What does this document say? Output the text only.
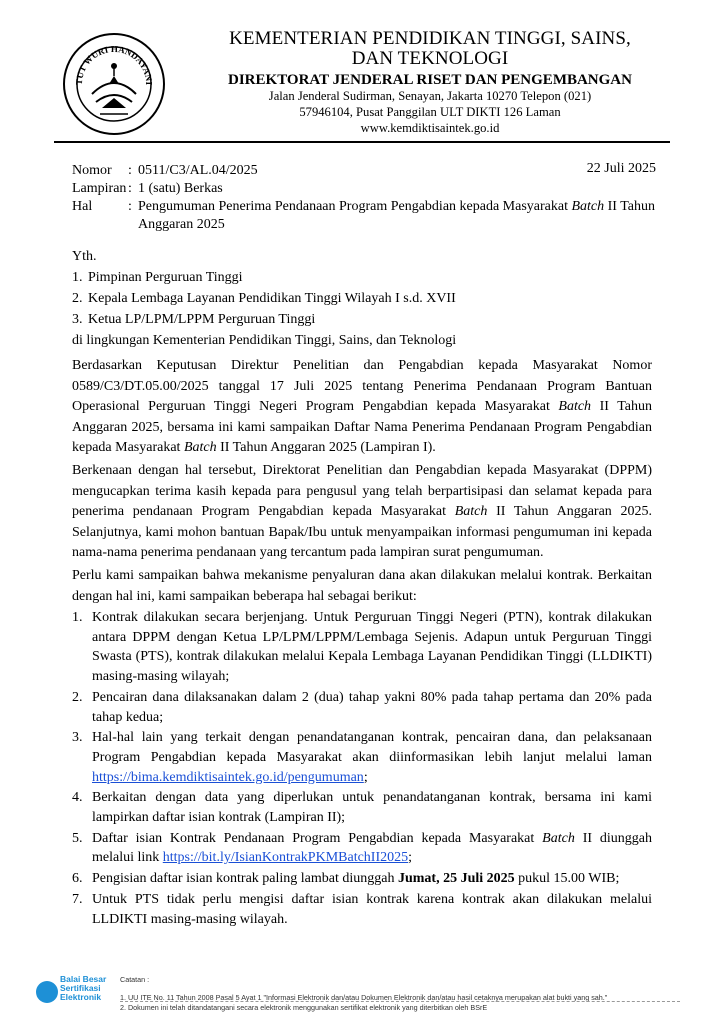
TUT WURI HANDAYANI
KEMENTERIAN PENDIDIKAN TINGGI, SAINS,
DAN TEKNOLOGI
DIREKTORAT JENDERAL RISET DAN PENGEMBANGAN
Jalan Jenderal Sudirman, Senayan, Jakarta 10270 Telepon (021)
57946104, Pusat Panggilan ULT DIKTI 126 Laman
www.kemdiktisaintek.go.id
22 Juli 2025
Nomor	: 0511/C3/AL.04/2025
Lampiran : 1 (satu) Berkas
Hal	: Pengumuman Penerima Pendanaan Program Pengabdian kepada Masyarakat Batch II Tahun Anggaran 2025
Yth.
1. Pimpinan Perguruan Tinggi
2. Kepala Lembaga Layanan Pendidikan Tinggi Wilayah I s.d. XVII
3. Ketua LP/LPM/LPPM Perguruan Tinggi
di lingkungan Kementerian Pendidikan Tinggi, Sains, dan Teknologi
Berdasarkan Keputusan Direktur Penelitian dan Pengabdian kepada Masyarakat Nomor 0589/C3/DT.05.00/2025 tanggal 17 Juli 2025 tentang Penerima Pendanaan Program Bantuan Operasional Perguruan Tinggi Negeri Program Pengabdian kepada Masyarakat Batch II Tahun Anggaran 2025, bersama ini kami sampaikan Daftar Nama Penerima Pendanaan Program Pengabdian kepada Masyarakat Batch II Tahun Anggaran 2025 (Lampiran I).
Berkenaan dengan hal tersebut, Direktorat Penelitian dan Pengabdian kepada Masyarakat (DPPM) mengucapkan terima kasih kepada para pengusul yang telah berpartisipasi dan selamat kepada para penerima pendanaan Program Pengabdian kepada Masyarakat Batch II Tahun Anggaran 2025. Selanjutnya, kami mohon bantuan Bapak/Ibu untuk menyampaikan informasi pengumuman ini kepada nama-nama penerima pendanaan yang tercantum pada lampiran surat pengumuman.
Perlu kami sampaikan bahwa mekanisme penyaluran dana akan dilakukan melalui kontrak. Berkaitan dengan hal ini, kami sampaikan beberapa hal sebagai berikut:
1. Kontrak dilakukan secara berjenjang. Untuk Perguruan Tinggi Negeri (PTN), kontrak dilakukan antara DPPM dengan Ketua LP/LPM/LPPM/Lembaga Sejenis. Adapun untuk Perguruan Tinggi Swasta (PTS), kontrak dilakukan melalui Kepala Lembaga Layanan Pendidikan Tinggi (LLDIKTI) masing-masing wilayah;
2. Pencairan dana dilaksanakan dalam 2 (dua) tahap yakni 80% pada tahap pertama dan 20% pada tahap kedua;
3. Hal-hal lain yang terkait dengan penandatanganan kontrak, pencairan dana, dan pelaksanaan Program Pengabdian kepada Masyarakat akan diinformasikan lebih lanjut melalui laman https://bima.kemdiktisaintek.go.id/pengumuman;
4. Berkaitan dengan data yang diperlukan untuk penandatanganan kontrak, bersama ini kami lampirkan daftar isian kontrak (Lampiran II);
5. Daftar isian Kontrak Pendanaan Program Pengabdian kepada Masyarakat Batch II diunggah melalui link https://bit.ly/IsianKontrakPKMBatchII2025;
6. Pengisian daftar isian kontrak paling lambat diunggah Jumat, 25 Juli 2025 pukul 15.00 WIB;
7. Untuk PTS tidak perlu mengisi daftar isian kontrak karena kontrak akan dilakukan melalui LLDIKTI masing-masing wilayah.
Balai Besar
Sertifikasi
Elektronik
Catatan :
1. UU ITE No. 11 Tahun 2008 Pasal 5 Ayat 1 "Informasi Elektronik dan/atau Dokumen Elektronik dan/atau hasil cetaknya merupakan alat bukti yang sah."
2. Dokumen ini telah ditandatangani secara elektronik menggunakan sertifikat elektronik yang diterbitkan oleh BSrE
